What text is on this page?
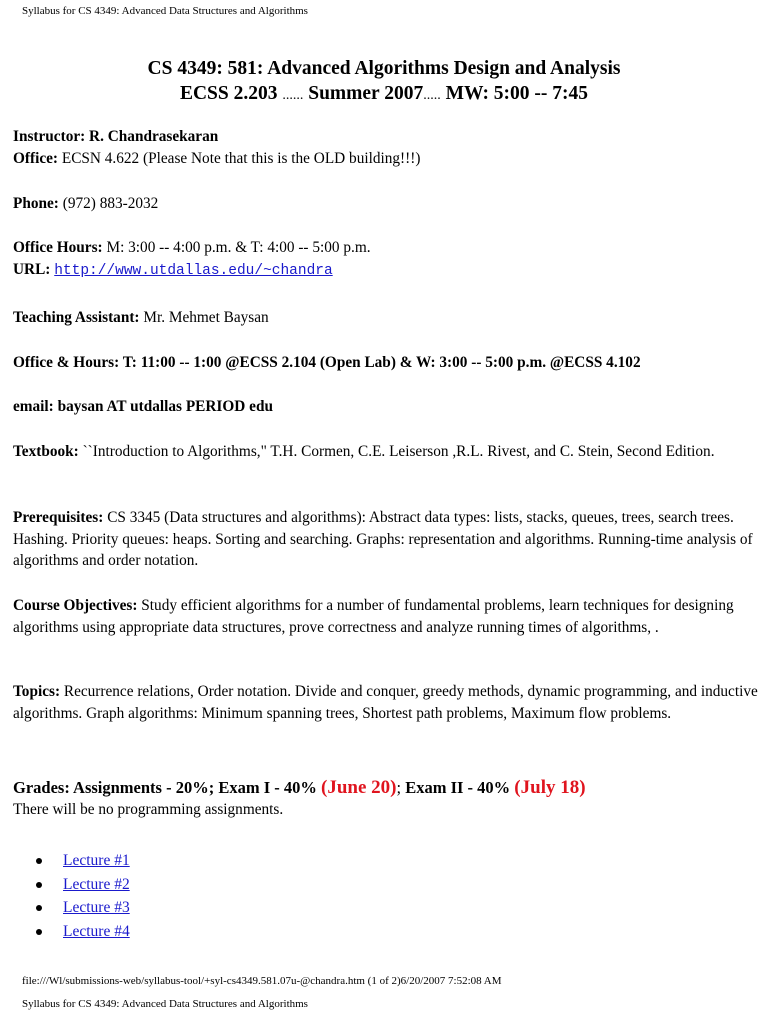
Syllabus for CS 4349: Advanced Data Structures and Algorithms
CS 4349: 581: Advanced Algorithms Design and Analysis
ECSS 2.203 ...... Summer 2007..... MW: 5:00 -- 7:45

Instructor: R. Chandrasekaran

Office: ECSN 4.622 (Please Note that this is the OLD building!!!)

Phone: (972) 883-2032

Office Hours: M: 3:00 -- 4:00 p.m. & T: 4:00 -- 5:00 p.m.

URL: http://www.utdallas.edu/~chandra

Teaching Assistant: Mr. Mehmet Baysan

Office & Hours: T: 11:00 -- 1:00 @ECSS 2.104 (Open Lab) & W: 3:00 -- 5:00 p.m. @ECSS 4.102
email: baysan AT utdallas PERIOD edu

Textbook: ``Introduction to Algorithms," T.H. Cormen, C.E. Leiserson ,R.L. Rivest, and C. Stein, Second Edition.

Prerequisites: CS 3345 (Data structures and algorithms): Abstract data types: lists, stacks, queues, trees, search trees. Hashing. Priority queues: heaps. Sorting and searching. Graphs: representation and algorithms. Running-time analysis of algorithms and order notation.

Course Objectives: Study efficient algorithms for a number of fundamental problems, learn techniques for designing algorithms using appropriate data structures, prove correctness and analyze running times of algorithms, .

Topics: Recurrence relations, Order notation. Divide and conquer, greedy methods, dynamic programming, and inductive algorithms. Graph algorithms: Minimum spanning trees, Shortest path problems, Maximum flow problems.

Grades: Assignments - 20%; Exam I - 40% (June 20); Exam II - 40% (July 18)

There will be no programming assignments.

Lecture #1
Lecture #2
Lecture #3
Lecture #4
file:///Wl/submissions-web/syllabus-tool/+syl-cs4349.581.07u-@chandra.htm (1 of 2)6/20/2007 7:52:08 AM
Syllabus for CS 4349: Advanced Data Structures and Algorithms
